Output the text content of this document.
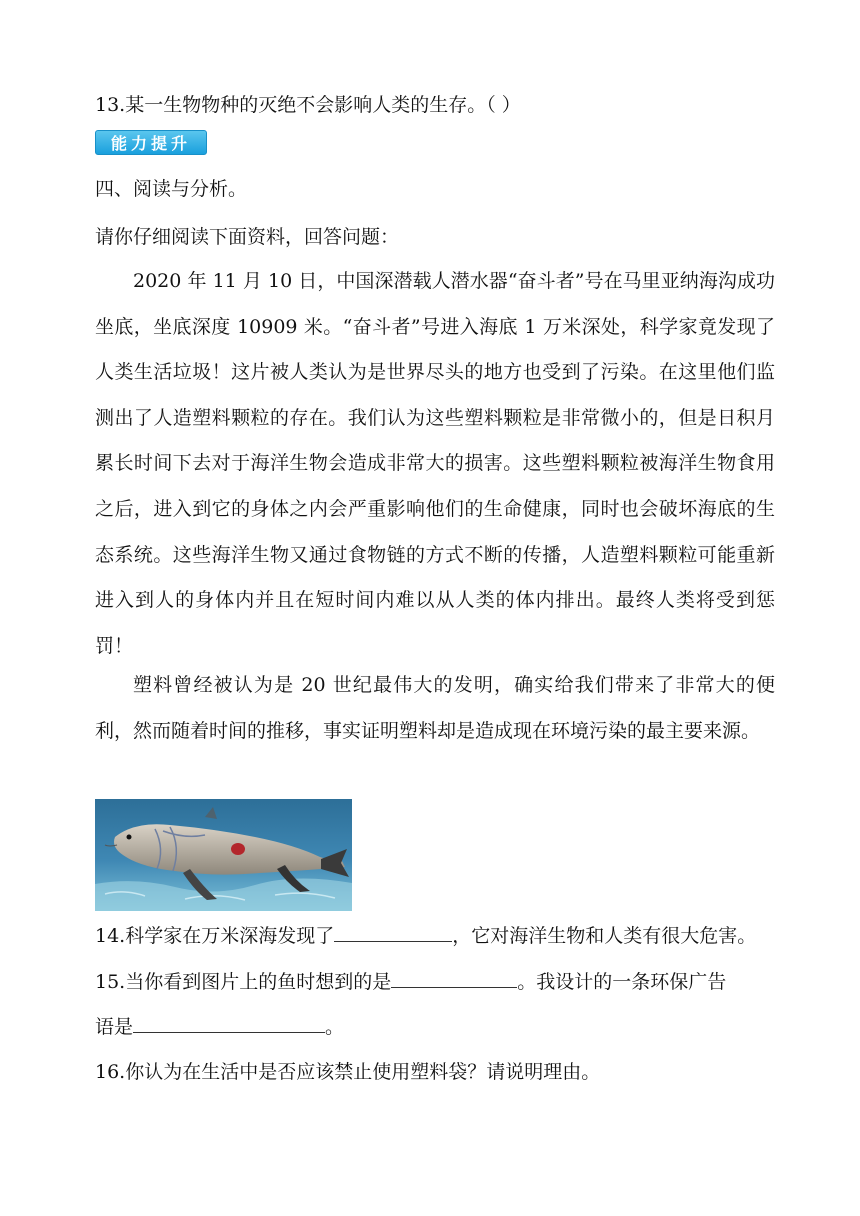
13.某一生物物种的灭绝不会影响人类的生存。（ ）
能力提升
四、阅读与分析。
请你仔细阅读下面资料，回答问题：
2020 年 11 月 10 日，中国深潜载人潜水器“奋斗者”号在马里亚纳海沟成功坐底，坐底深度 10909 米。“奋斗者”号进入海底 1 万米深处，科学家竟发现了人类生活垃圾！这片被人类认为是世界尽头的地方也受到了污染。在这里他们监测出了人造塑料颗粒的存在。我们认为这些塑料颗粒是非常微小的，但是日积月累长时间下去对于海洋生物会造成非常大的损害。这些塑料颗粒被海洋生物食用之后，进入到它的身体之内会严重影响他们的生命健康，同时也会破坏海底的生态系统。这些海洋生物又通过食物链的方式不断的传播，人造塑料颗粒可能重新进入到人的身体内并且在短时间内难以从人类的体内排出。最终人类将受到惩罚！
塑料曾经被认为是 20 世纪最伟大的发明，确实给我们带来了非常大的便利，然而随着时间的推移，事实证明塑料却是造成现在环境污染的最主要来源。
14.科学家在万米深海发现了	，它对海洋生物和人类有很大危害。
15.当你看到图片上的鱼时想到的是	。我设计的一条环保广告
语是	。
16.你认为在生活中是否应该禁止使用塑料袋？请说明理由。
